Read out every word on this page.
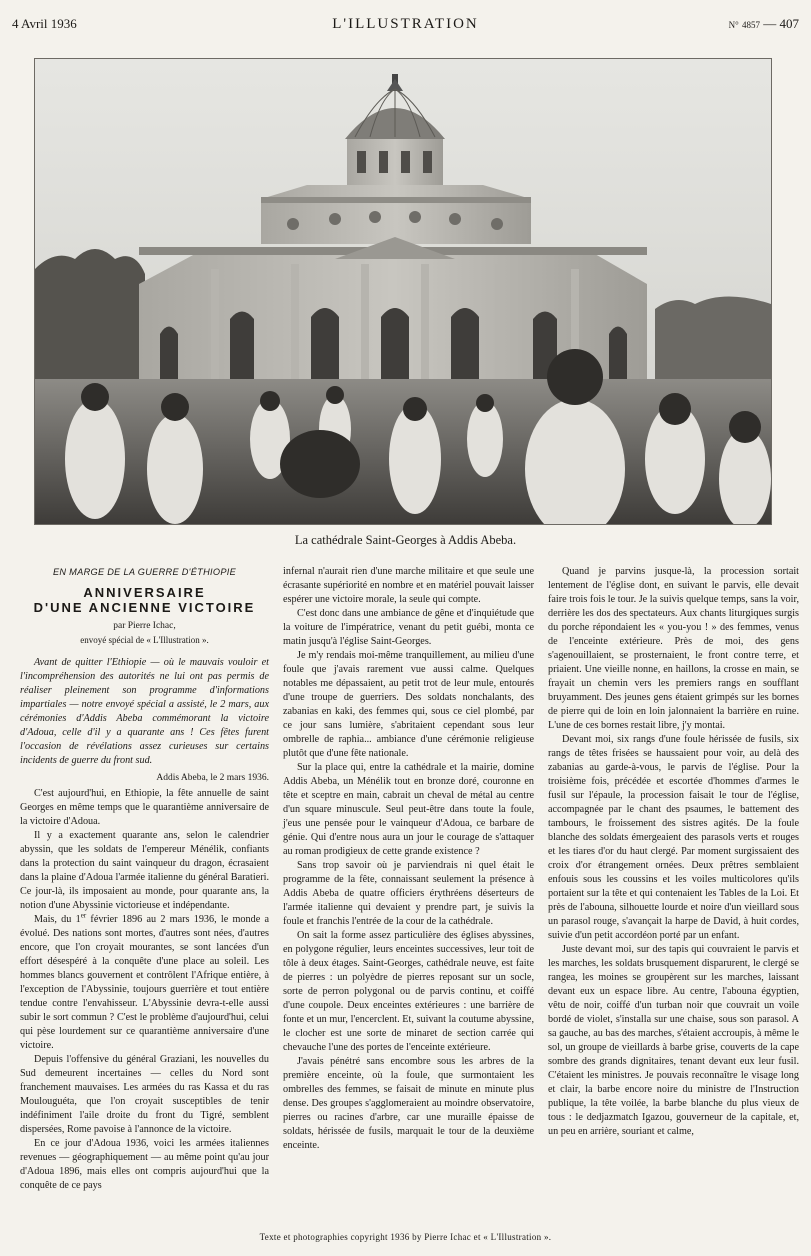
4 Avril 1936	L'ILLUSTRATION	N° 4857 — 407
La cathédrale Saint-Georges à Addis Abeba.
EN MARGE DE LA GUERRE D'ÉTHIOPIE
ANNIVERSAIRE
D'UNE ANCIENNE VICTOIRE
par Pierre Ichac,
envoyé spécial de « L'Illustration ».

Avant de quitter l'Ethiopie — où le mauvais vouloir et l'incompréhension des autorités ne lui ont pas permis de réaliser pleinement son programme d'informations impartiales — notre envoyé spécial a assisté, le 2 mars, aux cérémonies d'Addis Abeba commémorant la victoire d'Adoua, celle d'il y a quarante ans ! Ces fêtes furent l'occasion de révélations assez curieuses sur certains incidents de guerre du front sud.

Addis Abeba, le 2 mars 1936.

C'est aujourd'hui, en Ethiopie, la fête annuelle de saint Georges en même temps que le quarantième anniversaire de la victoire d'Adoua.

Il y a exactement quarante ans, selon le calendrier abyssin, que les soldats de l'empereur Ménélik, confiants dans la protection du saint vainqueur du dragon, écrasaient dans la plaine d'Adoua l'armée italienne du général Baratieri. Ce jour-là, ils imposaient au monde, pour quarante ans, la notion d'une Abyssinie victorieuse et indépendante.

Mais, du 1er février 1896 au 2 mars 1936, le monde a évolué. Des nations sont mortes, d'autres sont nées, d'autres encore, que l'on croyait mourantes, se sont lancées d'un effort désespéré à la conquête d'une place au soleil. Les hommes blancs gouvernent et contrôlent l'Afrique entière, à l'exception de l'Abyssinie, toujours guerrière et tout entière tendue contre l'envahisseur. L'Abyssinie devra-t-elle aussi subir le sort commun ? C'est le problème d'aujourd'hui, celui qui pèse lourdement sur ce quarantième anniversaire d'une victoire.

Depuis l'offensive du général Graziani, les nouvelles du Sud demeurent incertaines — celles du Nord sont franchement mauvaises. Les armées du ras Kassa et du ras Moulouguéta, que l'on croyait susceptibles de tenir indéfiniment l'aile droite du front du Tigré, semblent dispersées, Rome pavoise à l'annonce de la victoire.

En ce jour d'Adoua 1936, voici les armées italiennes revenues — géographiquement — au même point qu'au jour d'Adoua 1896, mais elles ont compris aujourd'hui que la conquête de ce pays

infernal n'aurait rien d'une marche militaire et que seule une écrasante supériorité en nombre et en matériel pouvait laisser espérer une victoire morale, la seule qui compte.

C'est donc dans une ambiance de gêne et d'inquiétude que la voiture de l'impératrice, venant du petit guébi, monta ce matin jusqu'à l'église Saint-Georges.

Je m'y rendais moi-même tranquillement, au milieu d'une foule que j'avais rarement vue aussi calme. Quelques notables me dépassaient, au petit trot de leur mule, entourés d'une troupe de guerriers. Des soldats nonchalants, des zabanias en kaki, des femmes qui, sous ce ciel plombé, par ce jour sans lumière, s'abritaient cependant sous leur ombrelle de raphia... ambiance d'une cérémonie religieuse plutôt que d'une fête nationale.

Sur la place qui, entre la cathédrale et la mairie, domine Addis Abeba, un Ménélik tout en bronze doré, couronne en tête et sceptre en main, cabrait un cheval de métal au centre d'un square minuscule. Seul peut-être dans toute la foule, j'eus une pensée pour le vainqueur d'Adoua, ce barbare de génie. Qui d'entre nous aura un jour le courage de s'attaquer au roman prodigieux de cette grande existence ?

Sans trop savoir où je parviendrais ni quel était le programme de la fête, connaissant seulement la présence à Addis Abeba de quatre officiers érythréens déserteurs de l'armée italienne qui devaient y prendre part, je suivis la foule et franchis l'entrée de la cour de la cathédrale.

On sait la forme assez particulière des églises abyssines, en polygone régulier, leurs enceintes successives, leur toit de tôle à deux étages. Saint-Georges, cathédrale neuve, est faite de pierres : un polyèdre de pierres reposant sur un socle, sorte de perron polygonal ou de parvis continu, et coiffé d'une coupole. Deux enceintes extérieures : une barrière de fonte et un mur, l'encerclent. Et, suivant la coutume abyssine, le clocher est une sorte de minaret de section carrée qui chevauche l'une des portes de l'enceinte extérieure.

J'avais pénétré sans encombre sous les arbres de la première enceinte, où la foule, que surmontaient les ombrelles des femmes, se faisait de minute en minute plus dense. Des groupes s'agglomeraient au moindre observatoire, pierres ou racines d'arbre, car une muraille épaisse de soldats, hérissée de fusils, marquait le tour de la deuxième enceinte.

Quand je parvins jusque-là, la procession sortait lentement de l'église dont, en suivant le parvis, elle devait faire trois fois le tour. Je la suivis quelque temps, sans la voir, derrière les dos des spectateurs. Aux chants liturgiques surgis du porche répondaient les « you-you ! » des femmes, venus de l'enceinte extérieure. Près de moi, des gens s'agenouillaient, se prosternaient, le front contre terre, et priaient. Une vieille nonne, en haillons, la crosse en main, se frayait un chemin vers les premiers rangs en soufflant bruyamment. Des jeunes gens étaient grimpés sur les bornes de pierre qui de loin en loin jalonnaient la barrière en ruine. L'une de ces bornes restait libre, j'y montai.

Devant moi, six rangs d'une foule hérissée de fusils, six rangs de têtes frisées se haussaient pour voir, au delà des zabanias au garde-à-vous, le parvis de l'église. Pour la troisième fois, précédée et escortée d'hommes d'armes le fusil sur l'épaule, la procession faisait le tour de l'église, accompagnée par le chant des psaumes, le battement des tambours, le froissement des sistres agités. De la foule blanche des soldats émergeaient des parasols verts et rouges et les tiares d'or du haut clergé. Par moment surgissaient des croix d'or étrangement ornées. Deux prêtres semblaient enfouis sous les coussins et les voiles multicolores qu'ils portaient sur la tête et qui contenaient les Tables de la Loi. Et près de l'abouna, silhouette lourde et noire d'un vieillard sous un parasol rouge, s'avançait la harpe de David, à huit cordes, suivie d'un petit accordéon porté par un enfant.

Juste devant moi, sur des tapis qui couvraient le parvis et les marches, les soldats brusquement disparurent, le clergé se rangea, les moines se groupèrent sur les marches, laissant devant eux un espace libre. Au centre, l'abouna égyptien, vêtu de noir, coiffé d'un turban noir que couvrait un voile bordé de violet, s'installa sur une chaise, sous son parasol. A sa gauche, au bas des marches, s'étaient accroupis, à même le sol, un groupe de vieillards à barbe grise, couverts de la cape sombre des grands dignitaires, tenant devant eux leur fusil. C'étaient les ministres. Je pouvais reconnaître le visage long et clair, la barbe encore noire du ministre de l'Instruction publique, la tête voilée, la barbe blanche du plus vieux de tous : le dedjazmatch Igazou, gouverneur de la capitale, et, un peu en arrière, souriant et calme,

Texte et photographies copyright 1936 by Pierre Ichac et « L'Illustration ».
